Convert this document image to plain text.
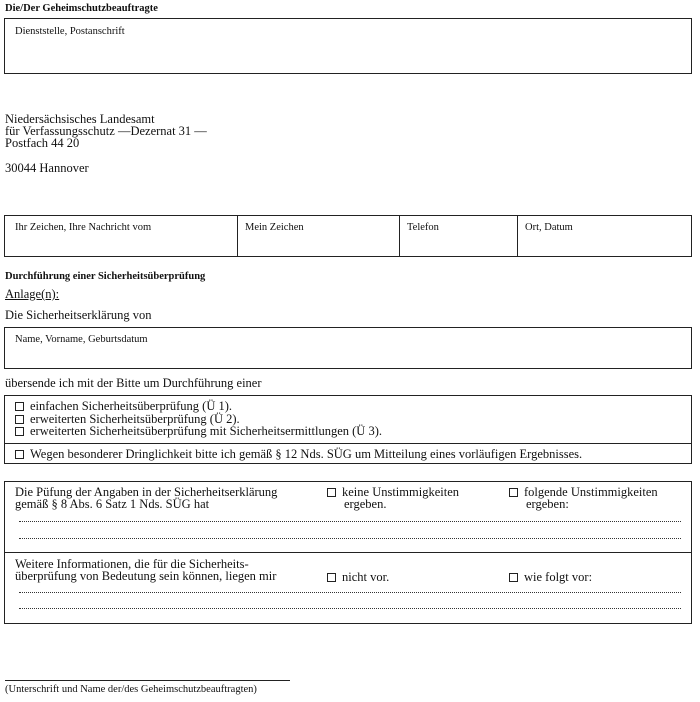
Die/Der Geheimschutzbeauftragte
Dienststelle, Postanschrift
Niedersächsisches Landesamt
für Verfassungsschutz —Dezernat 31 —
Postfach 44 20
30044 Hannover
Ihr Zeichen, Ihre Nachricht vom	Mein Zeichen	Telefon	Ort, Datum
Durchführung einer Sicherheitsüberprüfung
Anlage(n):
Die Sicherheitserklärung von
Name, Vorname, Geburtsdatum
übersende ich mit der Bitte um Durchführung einer
einfachen Sicherheitsüberprüfung (Ü 1).
erweiterten Sicherheitsüberprüfung (Ü 2).
erweiterten Sicherheitsüberprüfung mit Sicherheitsermittlungen (Ü 3).
Wegen besonderer Dringlichkeit bitte ich gemäß § 12 Nds. SÜG um Mitteilung eines vorläufigen Ergebnisses.
Die Püfung der Angaben in der Sicherheitserklärung
gemäß § 8 Abs. 6 Satz 1 Nds. SÜG hat
keine Unstimmigkeiten
ergeben.
folgende Unstimmigkeiten
ergeben:
Weitere Informationen, die für die Sicherheits-
überprüfung von Bedeutung sein können, liegen mir	nicht vor.	wie folgt vor:
(Unterschrift und Name der/des Geheimschutzbeauftragten)
